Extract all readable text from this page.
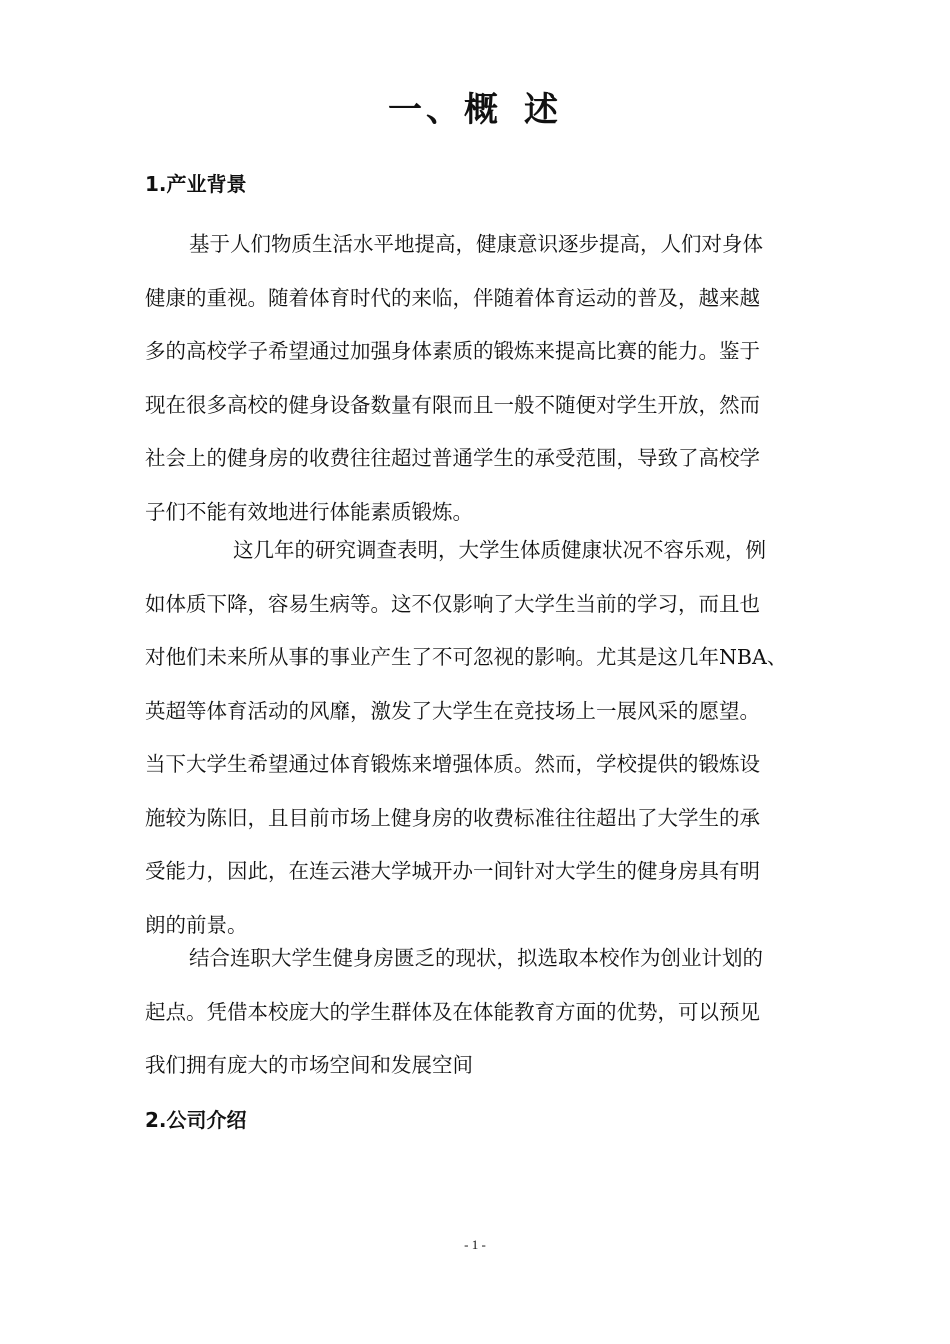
一、概 述
1.产业背景

基于人们物质生活水平地提高，健康意识逐步提高，人们对身体
健康的重视。随着体育时代的来临，伴随着体育运动的普及，越来越
多的高校学子希望通过加强身体素质的锻炼来提高比赛的能力。鉴于
现在很多高校的健身设备数量有限而且一般不随便对学生开放，然而
社会上的健身房的收费往往超过普通学生的承受范围，导致了高校学
子们不能有效地进行体能素质锻炼。

这几年的研究调查表明，大学生体质健康状况不容乐观，例
如体质下降，容易生病等。这不仅影响了大学生当前的学习，而且也
对他们未来所从事的事业产生了不可忽视的影响。尤其是这几年NBA、
英超等体育活动的风靡，激发了大学生在竞技场上一展风采的愿望。
当下大学生希望通过体育锻炼来增强体质。然而，学校提供的锻炼设
施较为陈旧，且目前市场上健身房的收费标准往往超出了大学生的承
受能力，因此，在连云港大学城开办一间针对大学生的健身房具有明
朗的前景。

结合连职大学生健身房匮乏的现状，拟选取本校作为创业计划的
起点。凭借本校庞大的学生群体及在体能教育方面的优势，可以预见
我们拥有庞大的市场空间和发展空间

2.公司介绍
- 1 -
